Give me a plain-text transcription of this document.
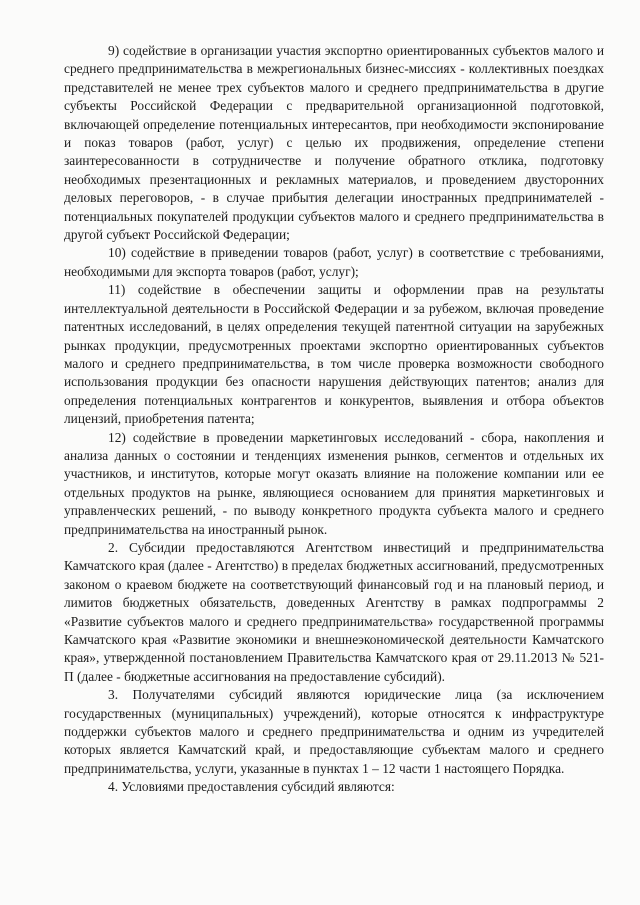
9) содействие в организации участия экспортно ориентированных субъектов малого и среднего предпринимательства в межрегиональных бизнес-миссиях - коллективных поездках представителей не менее трех субъектов малого и среднего предпринимательства в другие субъекты Российской Федерации с предварительной организационной подготовкой, включающей определение потенциальных интересантов, при необходимости экспонирование и показ товаров (работ, услуг) с целью их продвижения, определение степени заинтересованности в сотрудничестве и получение обратного отклика, подготовку необходимых презентационных и рекламных материалов, и проведением двусторонних деловых переговоров, - в случае прибытия делегации иностранных предпринимателей - потенциальных покупателей продукции субъектов малого и среднего предпринимательства в другой субъект Российской Федерации;

10) содействие в приведении товаров (работ, услуг) в соответствие с требованиями, необходимыми для экспорта товаров (работ, услуг);

11) содействие в обеспечении защиты и оформлении прав на результаты интеллектуальной деятельности в Российской Федерации и за рубежом, включая проведение патентных исследований, в целях определения текущей патентной ситуации на зарубежных рынках продукции, предусмотренных проектами экспортно ориентированных субъектов малого и среднего предпринимательства, в том числе проверка возможности свободного использования продукции без опасности нарушения действующих патентов; анализ для определения потенциальных контрагентов и конкурентов, выявления и отбора объектов лицензий, приобретения патента;

12) содействие в проведении маркетинговых исследований - сбора, накопления и анализа данных о состоянии и тенденциях изменения рынков, сегментов и отдельных их участников, и институтов, которые могут оказать влияние на положение компании или ее отдельных продуктов на рынке, являющиеся основанием для принятия маркетинговых и управленческих решений, - по выводу конкретного продукта субъекта малого и среднего предпринимательства на иностранный рынок.

2. Субсидии предоставляются Агентством инвестиций и предпринимательства Камчатского края (далее - Агентство) в пределах бюджетных ассигнований, предусмотренных законом о краевом бюджете на соответствующий финансовый год и на плановый период, и лимитов бюджетных обязательств, доведенных Агентству в рамках подпрограммы 2 «Развитие субъектов малого и среднего предпринимательства» государственной программы Камчатского края «Развитие экономики и внешнеэкономической деятельности Камчатского края», утвержденной постановлением Правительства Камчатского края от 29.11.2013 № 521-П (далее - бюджетные ассигнования на предоставление субсидий).

3. Получателями субсидий являются юридические лица (за исключением государственных (муниципальных) учреждений), которые относятся к инфраструктуре поддержки субъектов малого и среднего предпринимательства и одним из учредителей которых является Камчатский край, и предоставляющие субъектам малого и среднего предпринимательства, услуги, указанные в пунктах 1 – 12 части 1 настоящего Порядка.

4. Условиями предоставления субсидий являются:
